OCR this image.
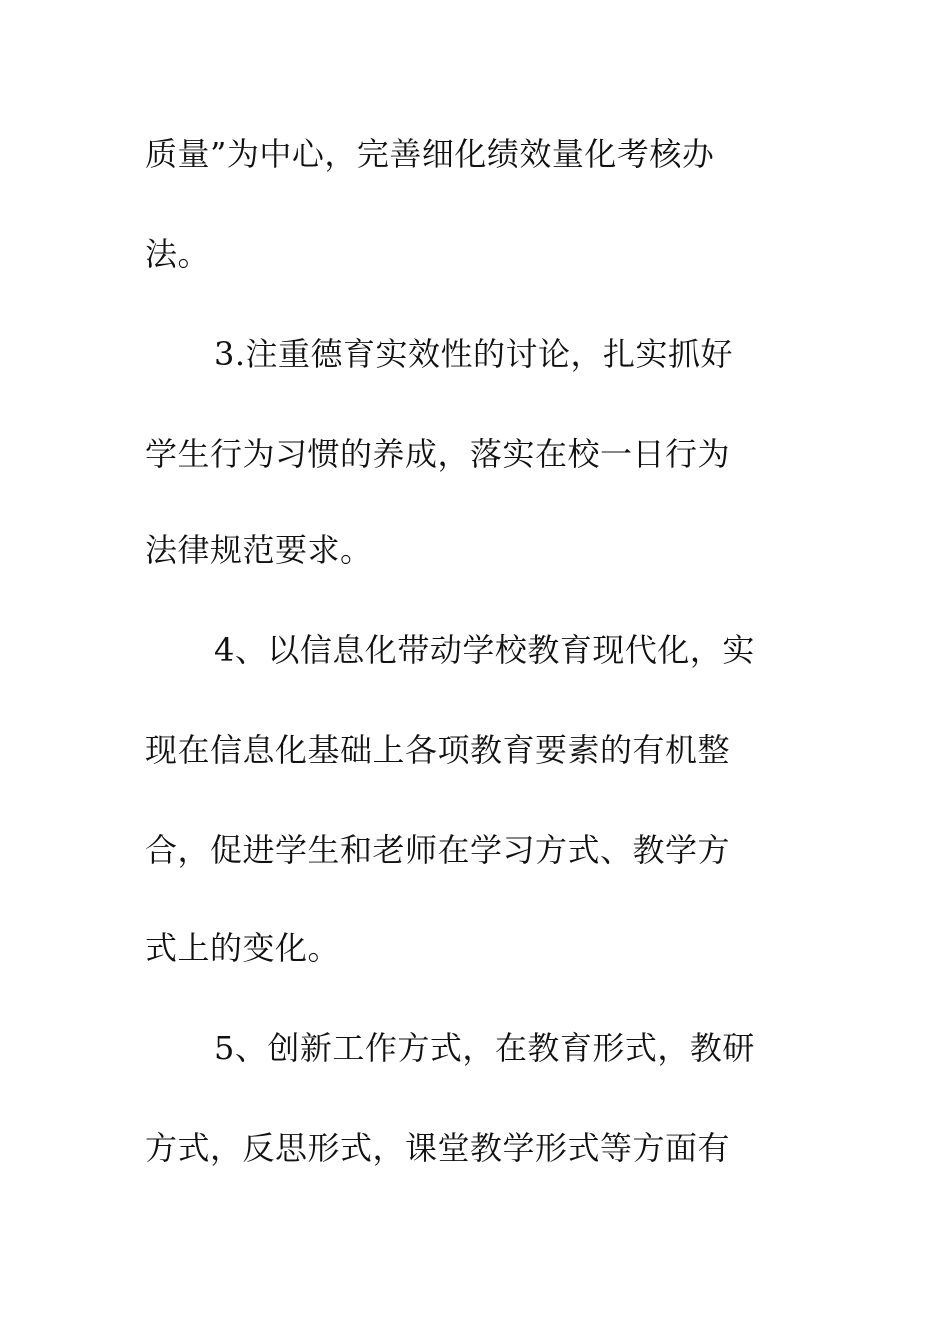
质量”为中心，完善细化绩效量化考核办
法。
3.注重德育实效性的讨论，扎实抓好
学生行为习惯的养成，落实在校一日行为
法律规范要求。
4、以信息化带动学校教育现代化，实
现在信息化基础上各项教育要素的有机整
合，促进学生和老师在学习方式、教学方
式上的变化。
5、创新工作方式，在教育形式，教研
方式，反思形式，课堂教学形式等方面有
